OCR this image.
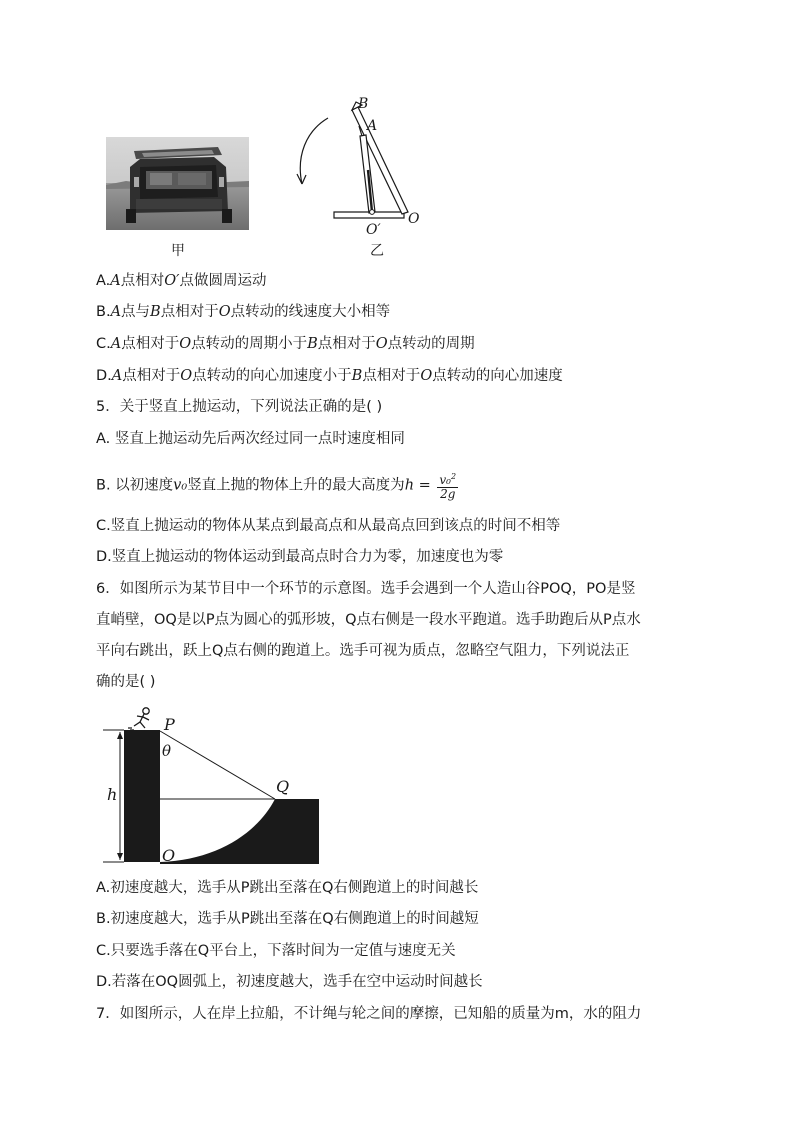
甲
B
A
O
O′
乙
A.A点相对O′点做圆周运动
B.A点与B点相对于O点转动的线速度大小相等
C.A点相对于O点转动的周期小于B点相对于O点转动的周期
D.A点相对于O点转动的向心加速度小于B点相对于O点转动的向心加速度
5．关于竖直上抛运动，下列说法正确的是( )
A. 竖直上抛运动先后两次经过同一点时速度相同
B. 以初速度v₀竖直上抛的物体上升的最大高度为$h = \frac{v_0^2}{2g}$
C.竖直上抛运动的物体从某点到最高点和从最高点回到该点的时间不相等
D.竖直上抛运动的物体运动到最高点时合力为零，加速度也为零
6．如图所示为某节目中一个环节的示意图。选手会遇到一个人造山谷POQ，PO是竖
直峭壁，OQ是以P点为圆心的弧形坡，Q点右侧是一段水平跑道。选手助跑后从P点水
平向右跳出，跃上Q点右侧的跑道上。选手可视为质点，忽略空气阻力，下列说法正
确的是( )
h
P
θ
Q
O
A.初速度越大，选手从P跳出至落在Q右侧跑道上的时间越长
B.初速度越大，选手从P跳出至落在Q右侧跑道上的时间越短
C.只要选手落在Q平台上，下落时间为一定值与速度无关
D.若落在OQ圆弧上，初速度越大，选手在空中运动时间越长
7．如图所示，人在岸上拉船，不计绳与轮之间的摩擦，已知船的质量为m，水的阻力
